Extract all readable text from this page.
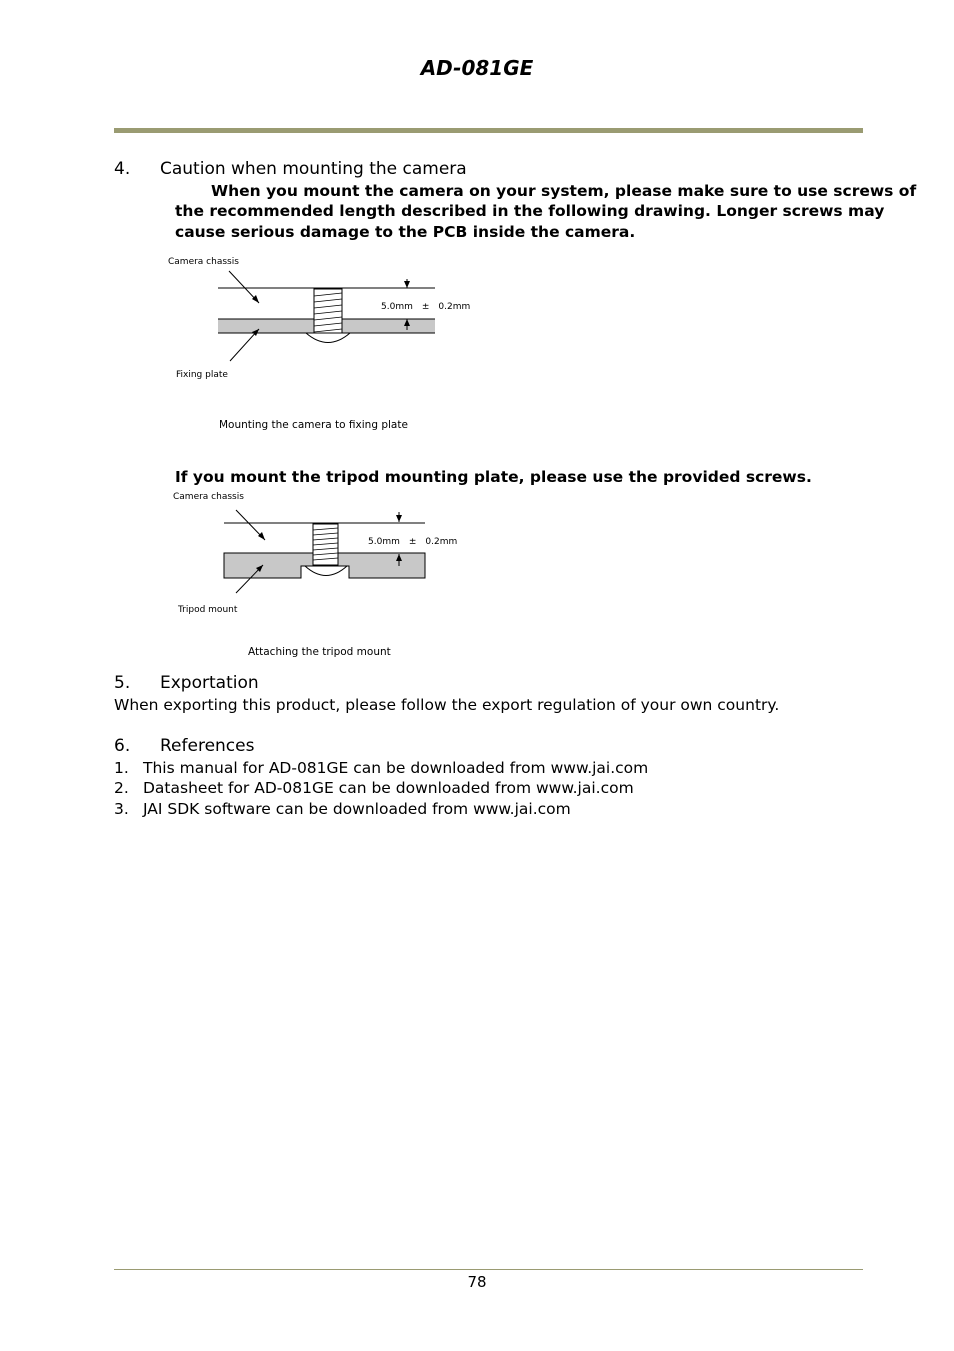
AD-081GE
4. Caution when mounting the camera
When you mount the camera on your system, please make sure to use screws of
the recommended length described in the following drawing. Longer screws may
cause serious damage to the PCB inside the camera.
Camera chassis
5.0mm　±　0.2mm
Fixing plate
Mounting the camera to fixing plate
If you mount the tripod mounting plate, please use the provided screws.
Camera chassis
5.0mm　±　0.2mm
Tripod mount
Attaching the tripod mount
5. Exportation
When exporting this product, please follow the export regulation of your own country.
6. References
1. This manual for AD-081GE can be downloaded from www.jai.com
2. Datasheet for AD-081GE can be downloaded from www.jai.com
3. JAI SDK software can be downloaded from www.jai.com
78
